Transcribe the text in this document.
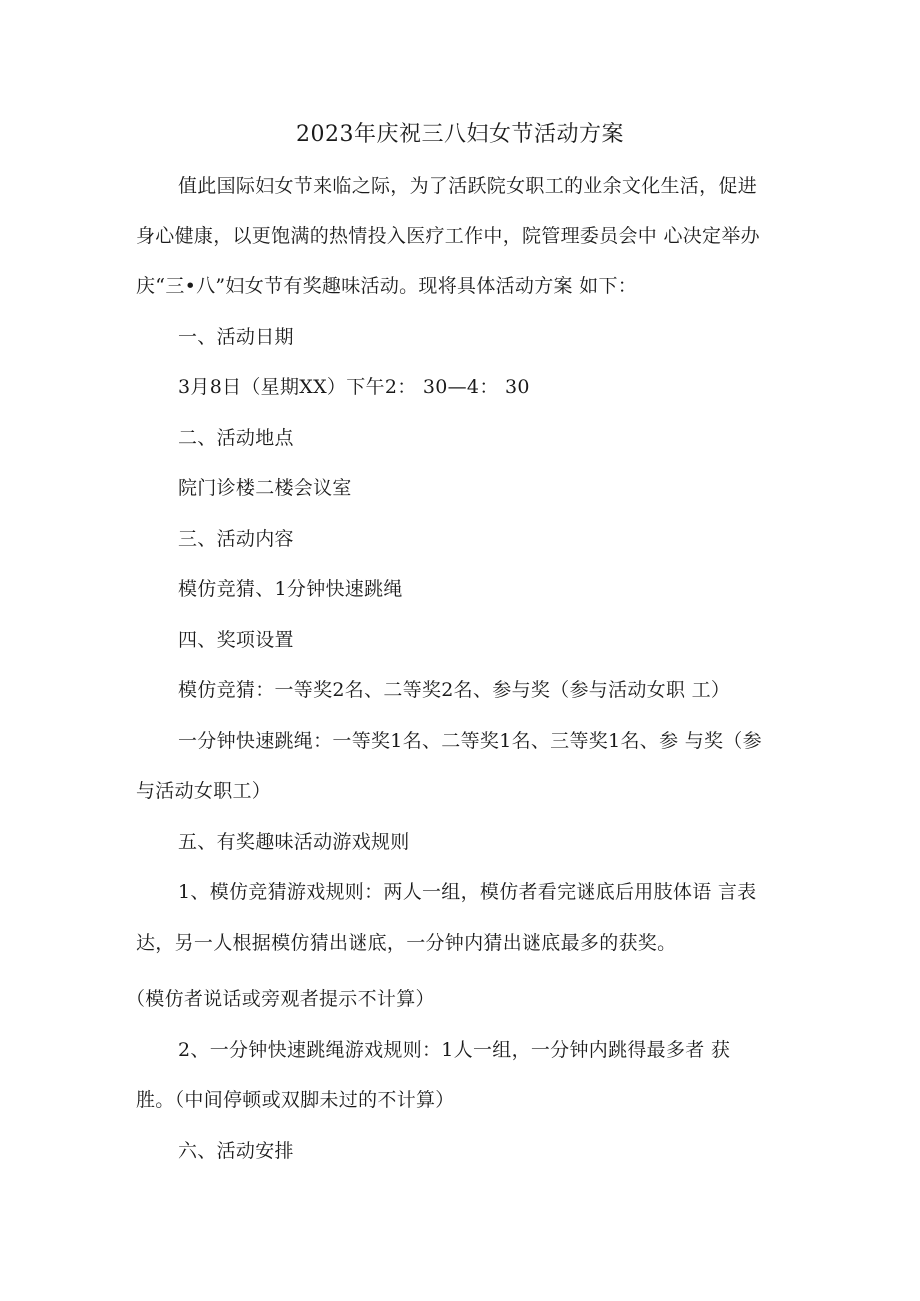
2023年庆祝三八妇女节活动方案
值此国际妇女节来临之际，为了活跃院女职工的业余文化生活，促进
身心健康，以更饱满的热情投入医疗工作中，院管理委员会中 心决定举办
庆“三•八”妇女节有奖趣味活动。现将具体活动方案 如下：
一、活动日期
3月8日（星期XX）下午2： 30—4： 30
二、活动地点
院门诊楼二楼会议室
三、活动内容
模仿竞猜、1分钟快速跳绳
四、奖项设置
模仿竞猜：一等奖2名、二等奖2名、参与奖（参与活动女职 工）
一分钟快速跳绳：一等奖1名、二等奖1名、三等奖1名、参 与奖（参
与活动女职工）
五、有奖趣味活动游戏规则
1、模仿竞猜游戏规则：两人一组，模仿者看完谜底后用肢体语 言表
达，另一人根据模仿猜出谜底，一分钟内猜出谜底最多的获奖。
（模仿者说话或旁观者提示不计算）
2、一分钟快速跳绳游戏规则：1人一组，一分钟内跳得最多者 获
胜。（中间停顿或双脚未过的不计算）
六、活动安排
